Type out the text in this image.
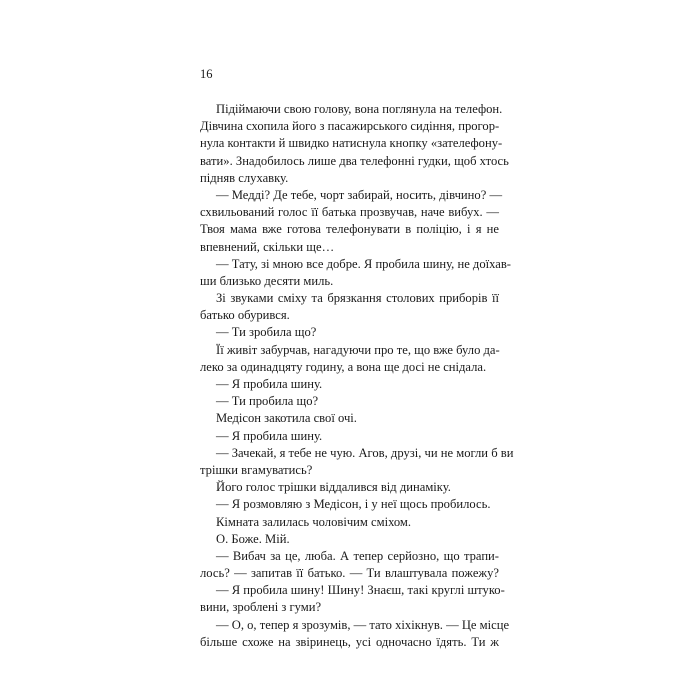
16
Підіймаючи свою голову, вона поглянула на телефон.
Дівчина схопила його з пасажирського сидіння, прогор-
нула контакти й швидко натиснула кнопку «зателефону-
вати». Знадобилось лише два телефонні гудки, щоб хтось
підняв слухавку.
— Медді? Де тебе, чорт забирай, носить, дівчино? —
схвильований голос її батька прозвучав, наче вибух. —
Твоя мама вже готова телефонувати в поліцію, і я не
впевнений, скільки ще…
— Тату, зі мною все добре. Я пробила шину, не доїхав-
ши близько десяти миль.
Зі звуками сміху та брязкання столових приборів її
батько обурився.
— Ти зробила що?
Її живіт забурчав, нагадуючи про те, що вже було да-
леко за одинадцяту годину, а вона ще досі не снідала.
— Я пробила шину.
— Ти пробила що?
Медісон закотила свої очі.
— Я пробила шину.
— Зачекай, я тебе не чую. Агов, друзі, чи не могли б ви
трішки вгамуватись?
Його голос трішки віддалився від динаміку.
— Я розмовляю з Медісон, і у неї щось пробилось.
Кімната залилась чоловічим сміхом.
О. Боже. Мій.
— Вибач за це, люба. А тепер серйозно, що трапи-
лось? — запитав її батько. — Ти влаштувала пожежу?
— Я пробила шину! Шину! Знаєш, такі круглі штуко-
вини, зроблені з гуми?
— О, о, тепер я зрозумів, — тато хіхікнув. — Це місце
більше схоже на звіринець, усі одночасно їдять. Ти ж
